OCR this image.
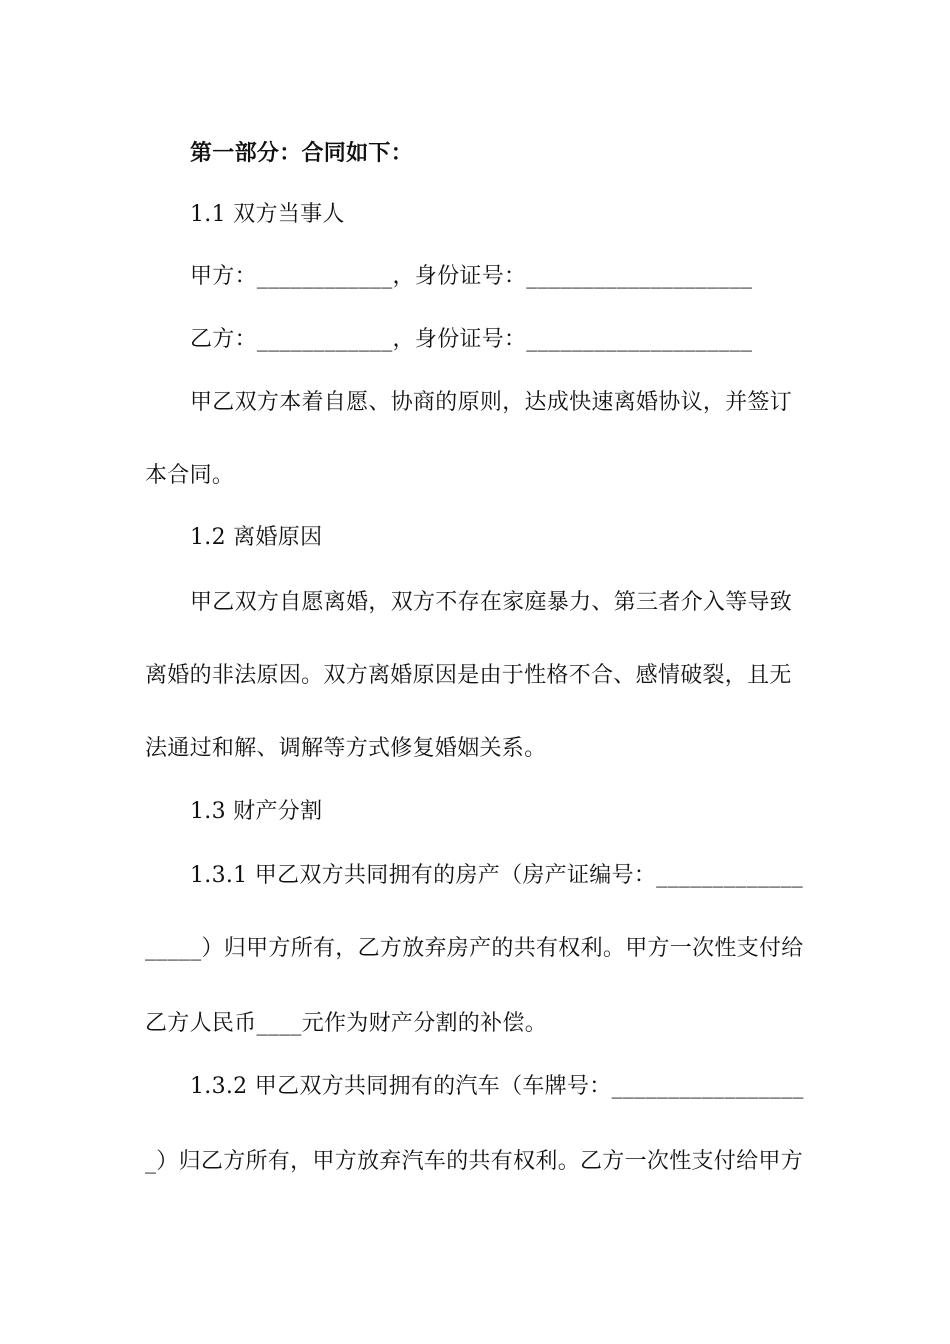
第一部分：合同如下：
1.1 双方当事人
甲方：____________，身份证号：____________________
乙方：____________，身份证号：____________________
甲乙双方本着自愿、协商的原则，达成快速离婚协议，并签订
本合同。
1.2 离婚原因
甲乙双方自愿离婚，双方不存在家庭暴力、第三者介入等导致
离婚的非法原因。双方离婚原因是由于性格不合、感情破裂，且无
法通过和解、调解等方式修复婚姻关系。
1.3 财产分割
1.3.1 甲乙双方共同拥有的房产（房产证编号：_____________
_____）归甲方所有，乙方放弃房产的共有权利。甲方一次性支付给
乙方人民币____元作为财产分割的补偿。
1.3.2 甲乙双方共同拥有的汽车（车牌号：_________________
_）归乙方所有，甲方放弃汽车的共有权利。乙方一次性支付给甲方
